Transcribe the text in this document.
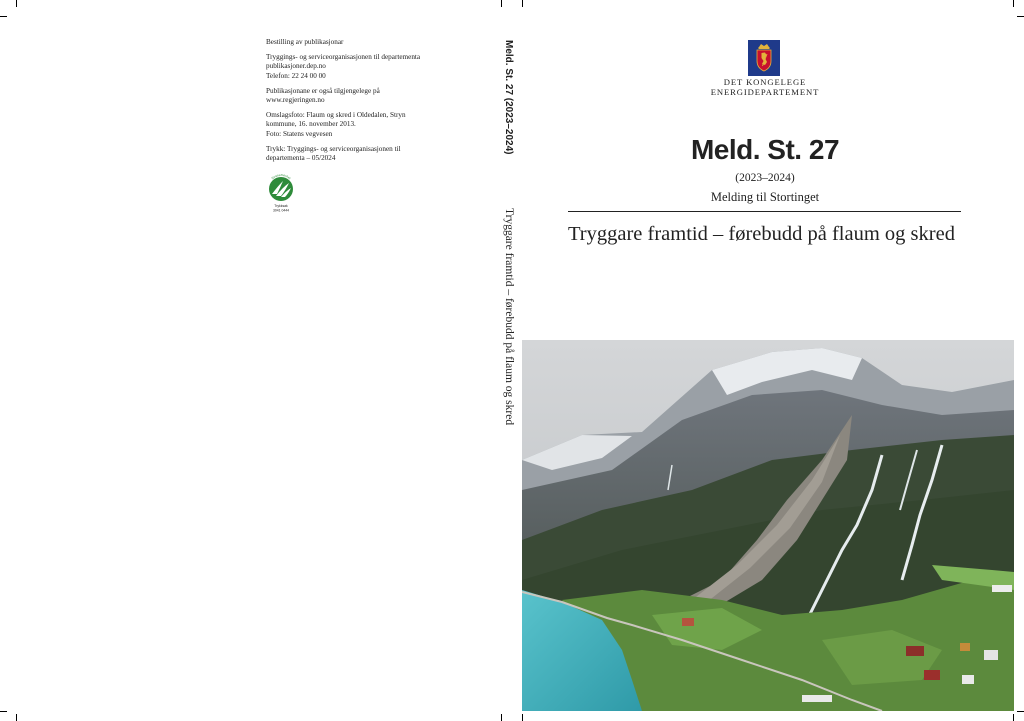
Bestilling av publikasjonar

Tryggings- og serviceorganisasjonen til departementa
publikasjoner.dep.no
Telefon: 22 24 00 00

Publikasjonane er også tilgjengelege på
www.regjeringen.no

Omslagsfoto: Flaum og skred i Oldedalen, Stryn
kommune, 16. november 2013.
Foto: Statens vegvesen

Trykk: Tryggings- og serviceorganisasjonen til
departementa – 05/2024

Svanemerket
Trykksak
3041 0444
Meld. St. 27 (2023–2024)
Tryggare framtid – førebudd på flaum og skred
DET KONGELEGE
ENERGIDEPARTEMENT
Meld. St. 27
(2023–2024)
Melding til Stortinget
Tryggare framtid – førebudd på flaum og skred
